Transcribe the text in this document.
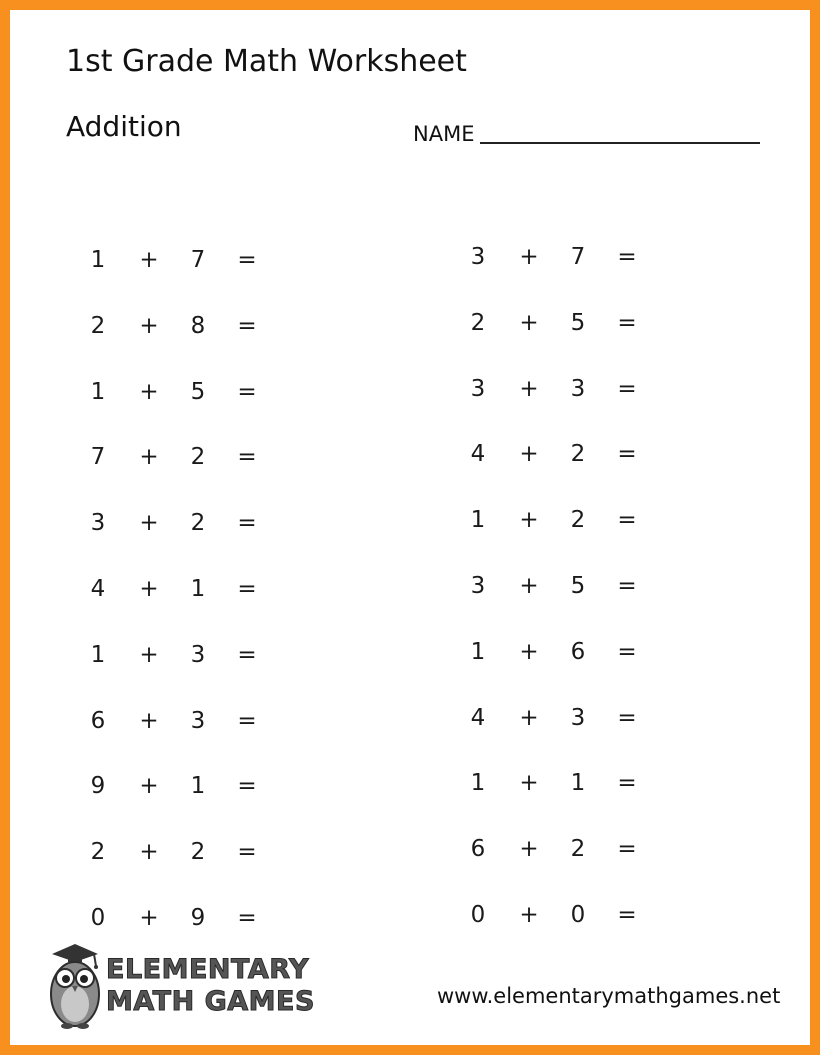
1st Grade Math Worksheet
Addition	NAME
1	+	7	=
2	+	8	=
1	+	5	=
7	+	2	=
3	+	2	=
4	+	1	=
1	+	3	=
6	+	3	=
9	+	1	=
2	+	2	=
0	+	9	=
3	+	7	=
2	+	5	=
3	+	3	=
4	+	2	=
1	+	2	=
3	+	5	=
1	+	6	=
4	+	3	=
1	+	1	=
6	+	2	=
0	+	0	=
ELEMENTARY
MATH GAMES	www.elementarymathgames.net
